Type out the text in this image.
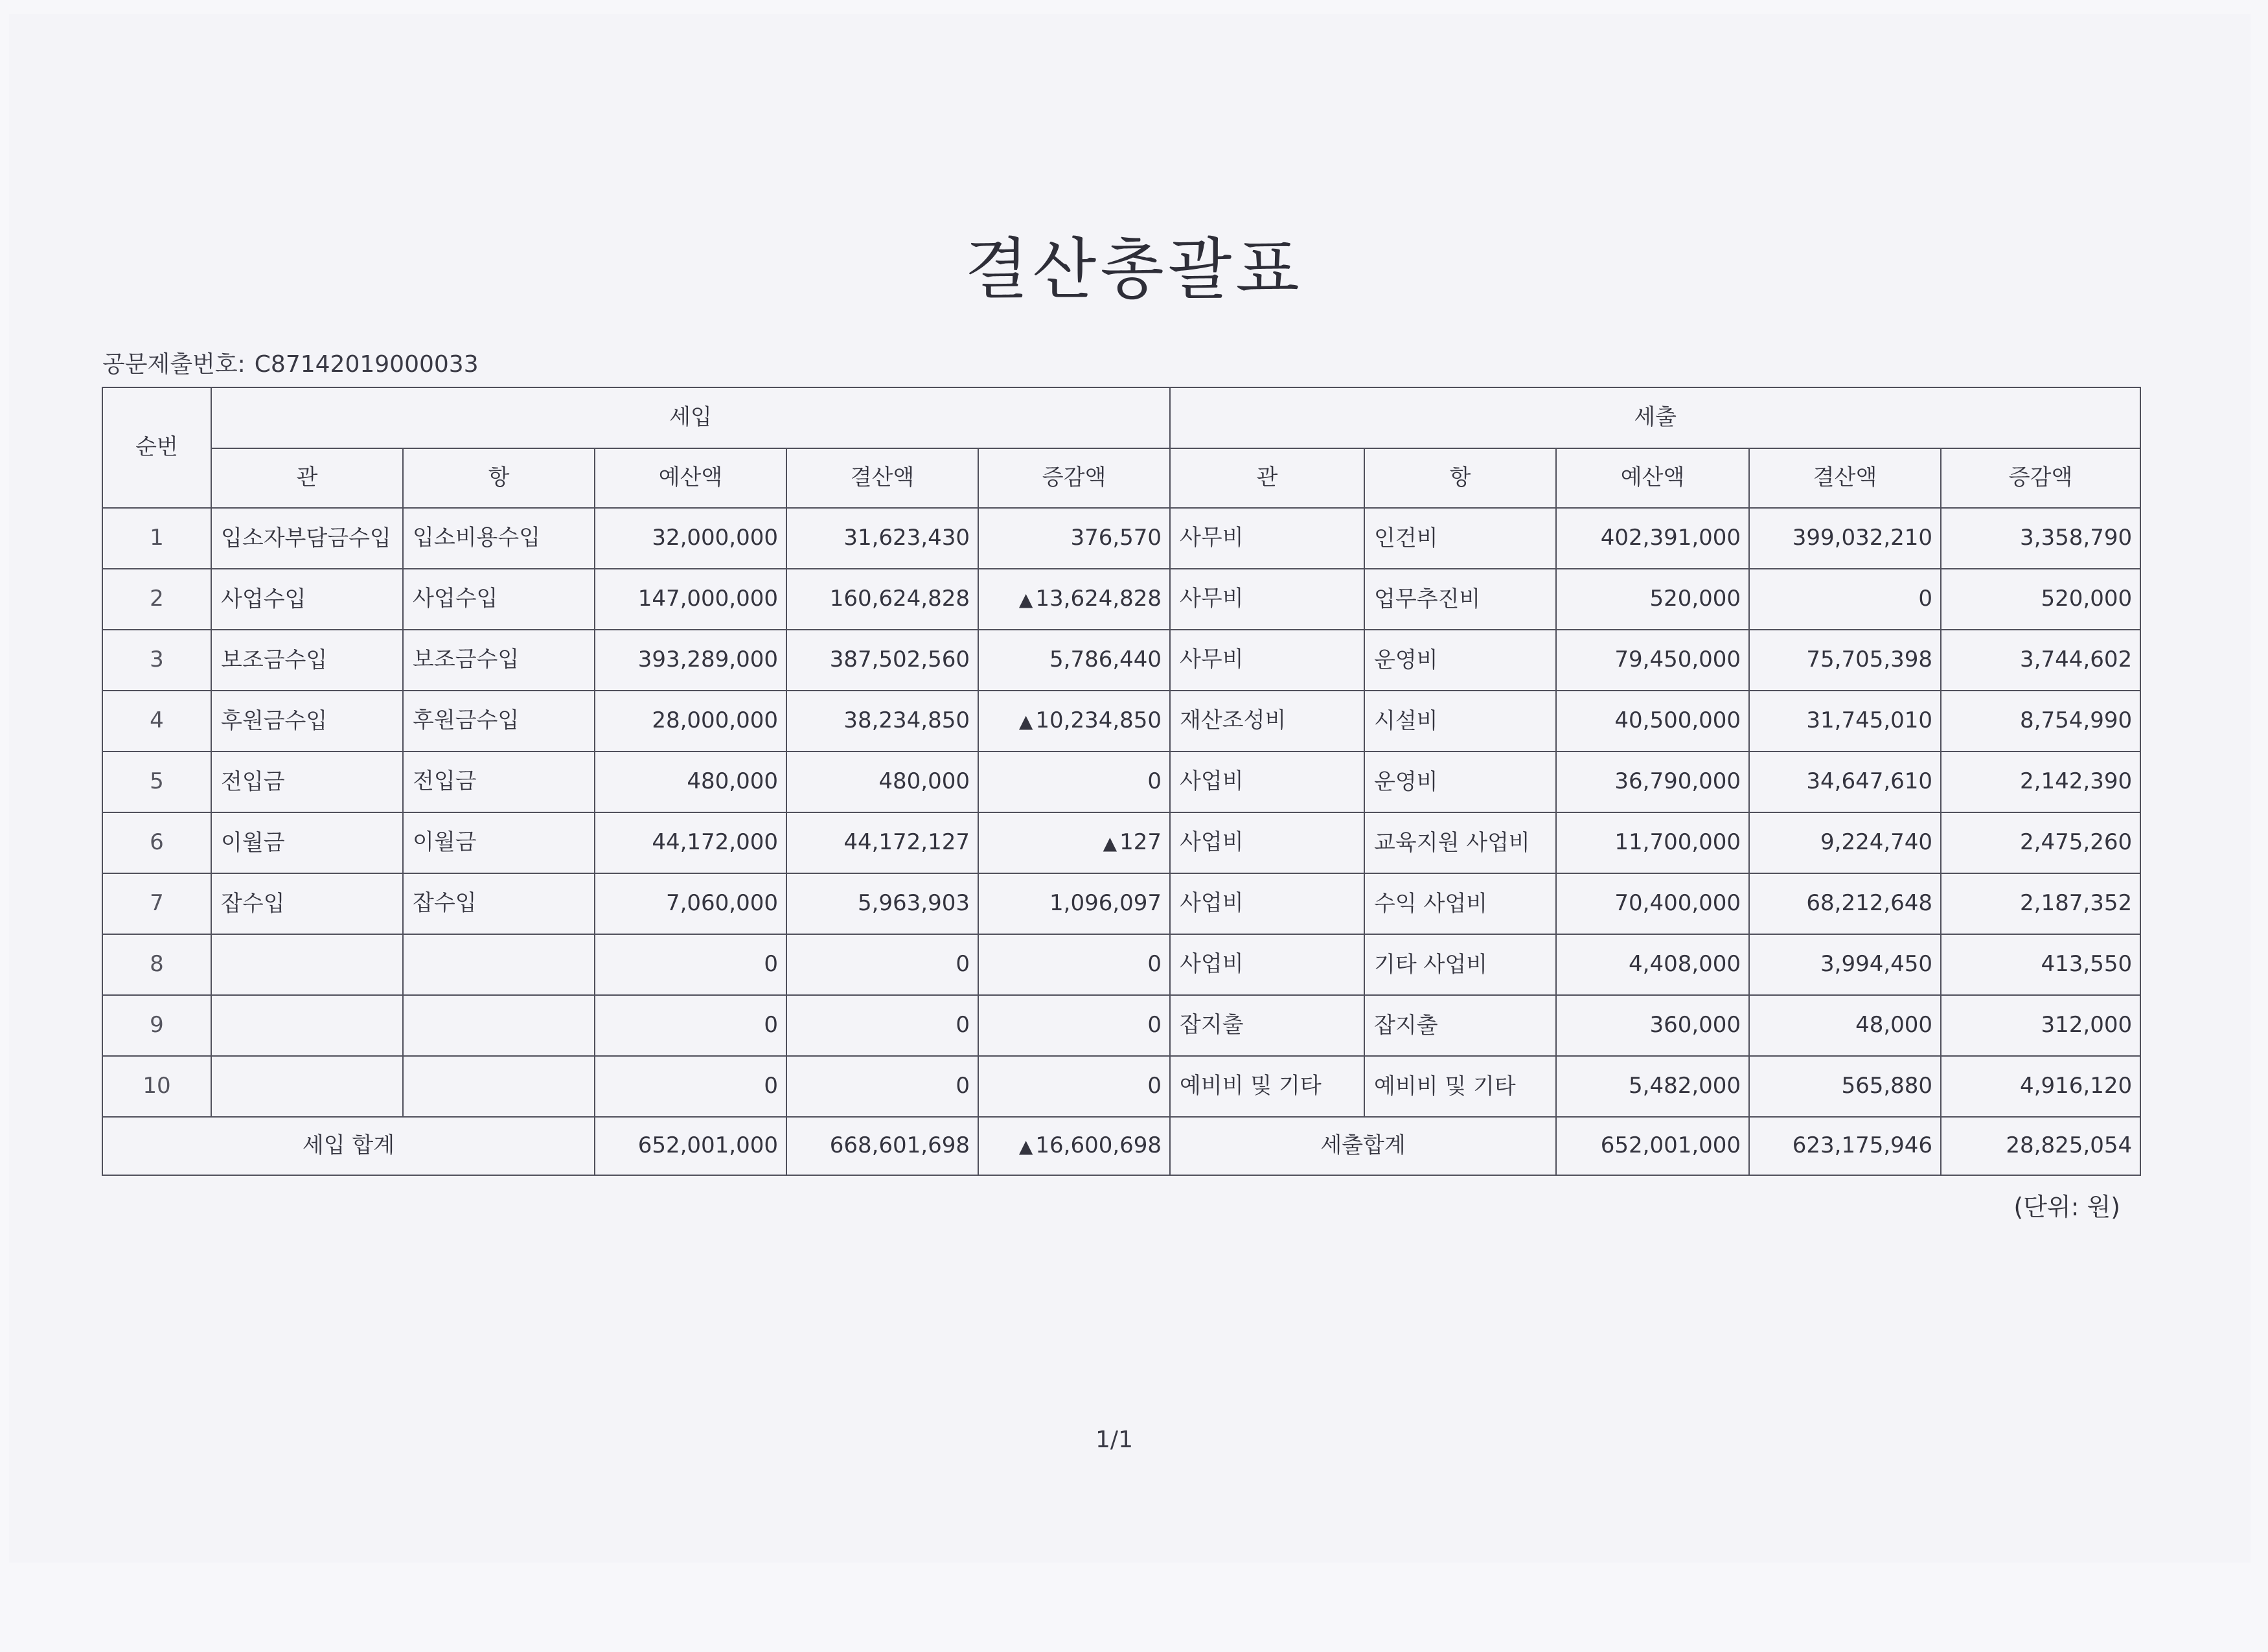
결산총괄표
공문제출번호: C87142019000033
순번	세입					세출				
	관	항	예산액	결산액	증감액	관	항	예산액	결산액	증감액
1	입소자부담금수입	입소비용수입	32,000,000	31,623,430	376,570	사무비	인건비	402,391,000	399,032,210	3,358,790
2	사업수입	사업수입	147,000,000	160,624,828	▲ 13,624,828	사무비	업무추진비	520,000	0	520,000
3	보조금수입	보조금수입	393,289,000	387,502,560	5,786,440	사무비	운영비	79,450,000	75,705,398	3,744,602
4	후원금수입	후원금수입	28,000,000	38,234,850	▲ 10,234,850	재산조성비	시설비	40,500,000	31,745,010	8,754,990
5	전입금	전입금	480,000	480,000	0	사업비	운영비	36,790,000	34,647,610	2,142,390
6	이월금	이월금	44,172,000	44,172,127	▲ 127	사업비	교육지원 사업비	11,700,000	9,224,740	2,475,260
7	잡수입	잡수입	7,060,000	5,963,903	1,096,097	사업비	수익 사업비	70,400,000	68,212,648	2,187,352
8			0	0	0	사업비	기타 사업비	4,408,000	3,994,450	413,550
9			0	0	0	잡지출	잡지출	360,000	48,000	312,000
10			0	0	0	예비비 및 기타	예비비 및 기타	5,482,000	565,880	4,916,120
세입 합계			652,001,000	668,601,698	▲ 16,600,698	세출합계		652,001,000	623,175,946	28,825,054
(단위: 원)
1/1
